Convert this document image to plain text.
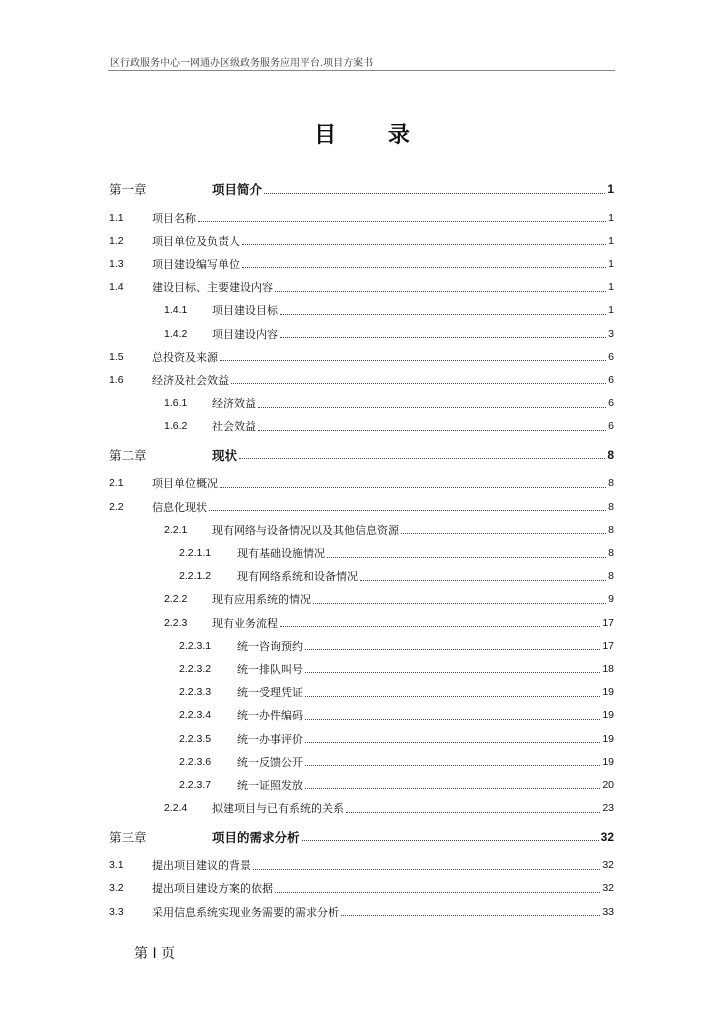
区行政服务中心一网通办区级政务服务应用平台.项目方案书
目 录
第一章	项目简介	1
1.1	项目名称	1
1.2	项目单位及负责人	1
1.3	项目建设编写单位	1
1.4	建设目标、主要建设内容	1
1.4.1	项目建设目标	1
1.4.2	项目建设内容	3
1.5	总投资及来源	6
1.6	经济及社会效益	6
1.6.1	经济效益	6
1.6.2	社会效益	6
第二章	现状	8
2.1	项目单位概况	8
2.2	信息化现状	8
2.2.1	现有网络与设备情况以及其他信息资源	8
2.2.1.1	现有基础设施情况	8
2.2.1.2	现有网络系统和设备情况	8
2.2.2	现有应用系统的情况	9
2.2.3	现有业务流程	17
2.2.3.1	统一咨询预约	17
2.2.3.2	统一排队叫号	18
2.2.3.3	统一受理凭证	19
2.2.3.4	统一办件编码	19
2.2.3.5	统一办事评价	19
2.2.3.6	统一反馈公开	19
2.2.3.7	统一证照发放	20
2.2.4	拟建项目与已有系统的关系	23
第三章	项目的需求分析	32
3.1	提出项目建议的背景	32
3.2	提出项目建设方案的依据	32
3.3	采用信息系统实现业务需要的需求分析	33
第 I 页
